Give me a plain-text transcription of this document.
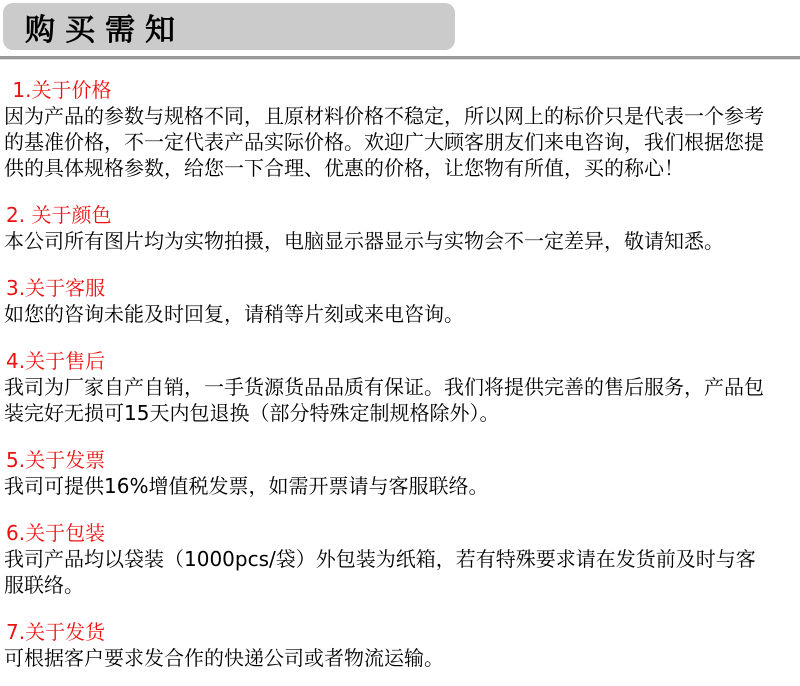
购买需知
1.关于价格
因为产品的参数与规格不同，且原材料价格不稳定，所以网上的标价只是代表一个参考
的基准价格，不一定代表产品实际价格。欢迎广大顾客朋友们来电咨询，我们根据您提
供的具体规格参数，给您一下合理、优惠的价格，让您物有所值，买的称心！
2. 关于颜色
本公司所有图片均为实物拍摄，电脑显示器显示与实物会不一定差异，敬请知悉。
3.关于客服
如您的咨询未能及时回复，请稍等片刻或来电咨询。
4.关于售后
我司为厂家自产自销，一手货源货品品质有保证。我们将提供完善的售后服务，产品包
装完好无损可15天内包退换（部分特殊定制规格除外）。
5.关于发票
我司可提供16%增值税发票，如需开票请与客服联络。
6.关于包装
我司产品均以袋装（1000pcs/袋）外包装为纸箱，若有特殊要求请在发货前及时与客
服联络。
7.关于发货
可根据客户要求发合作的快递公司或者物流运输。
